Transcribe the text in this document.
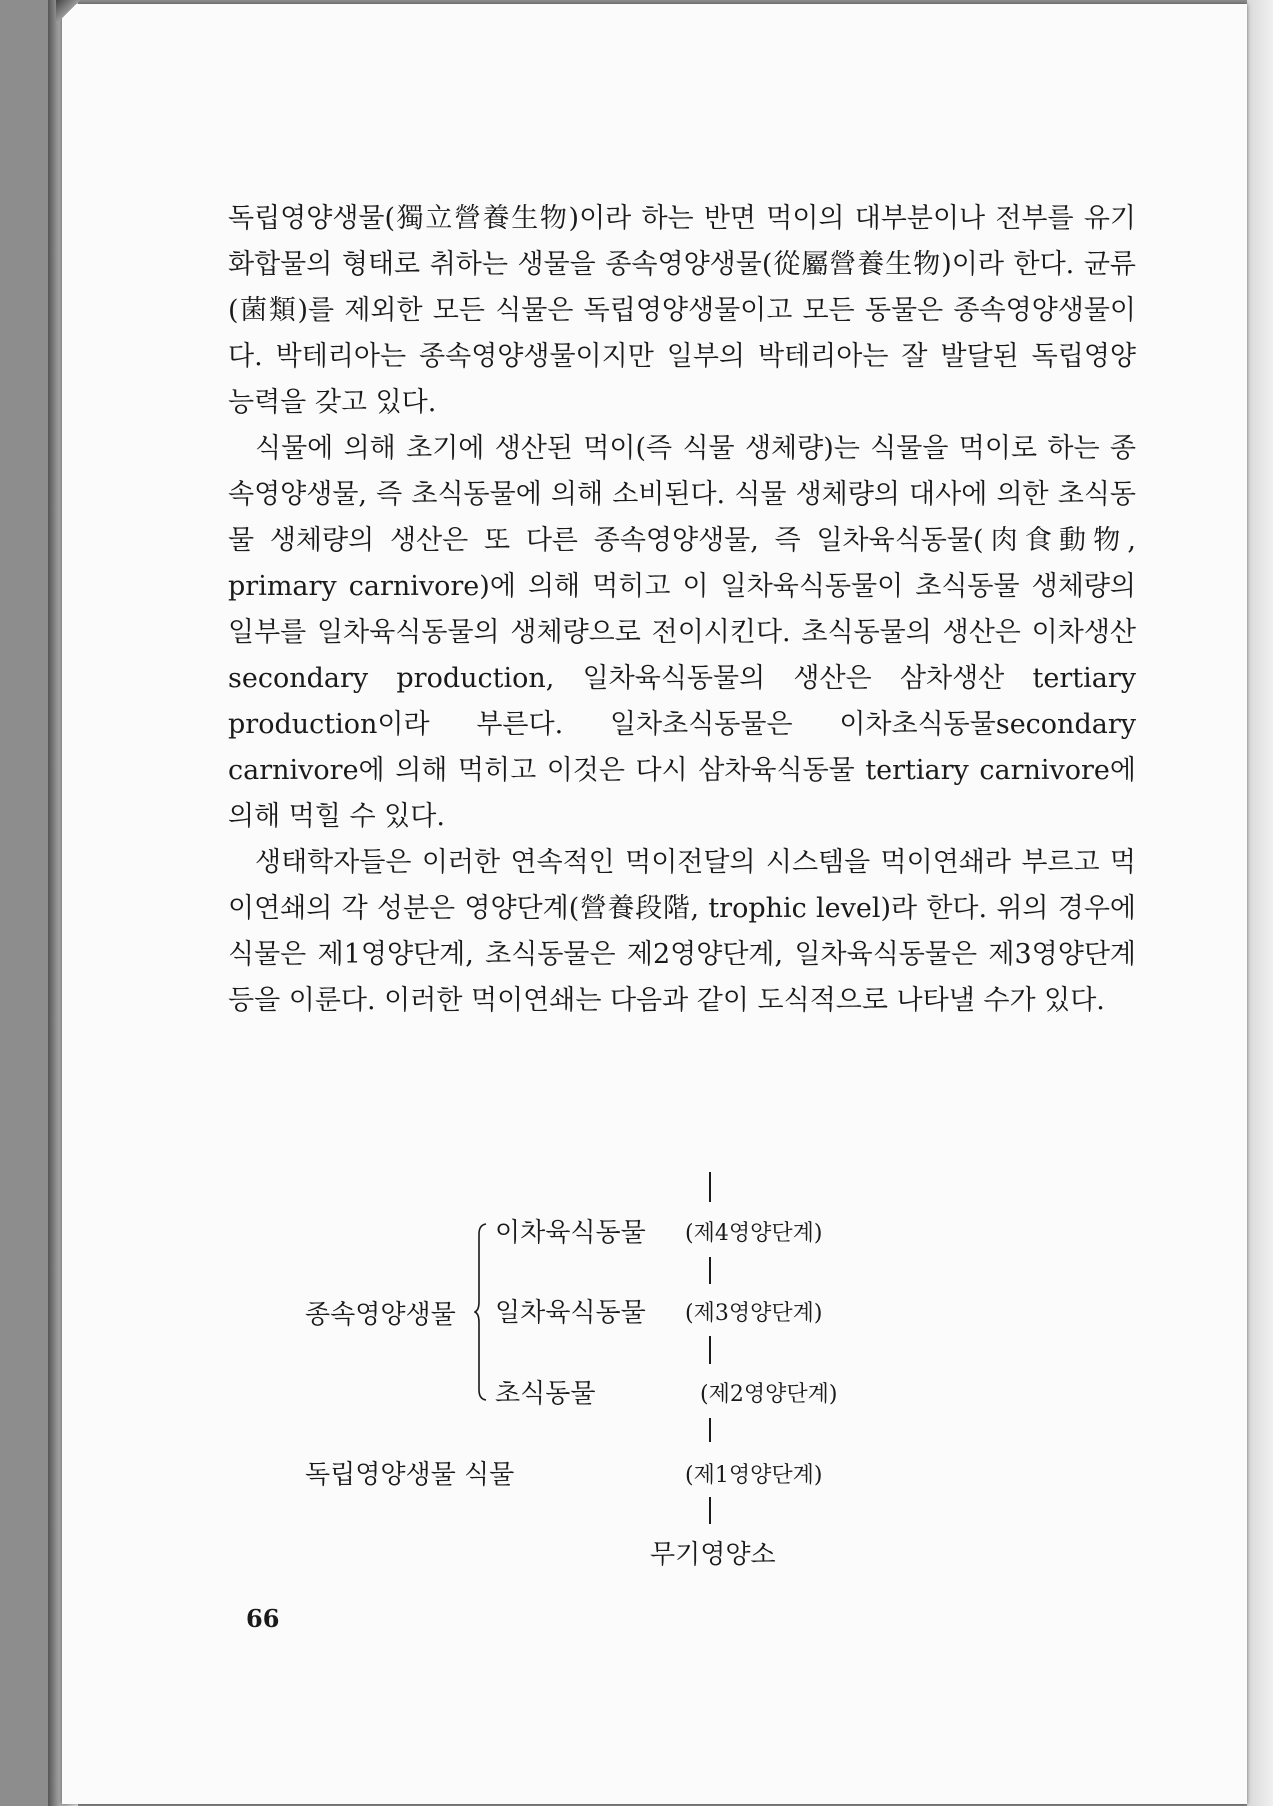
독립영양생물(獨立營養生物)이라 하는 반면 먹이의 대부분이나 전부를 유기화합물의 형태로 취하는 생물을 종속영양생물(從屬營養生物)이라 한다. 균류(菌類)를 제외한 모든 식물은 독립영양생물이고 모든 동물은 종속영양생물이다. 박테리아는 종속영양생물이지만 일부의 박테리아는 잘 발달된 독립영양 능력을 갖고 있다.

식물에 의해 초기에 생산된 먹이(즉 식물 생체량)는 식물을 먹이로 하는 종속영양생물, 즉 초식동물에 의해 소비된다. 식물 생체량의 대사에 의한 초식동물 생체량의 생산은 또 다른 종속영양생물, 즉 일차육식동물(肉食動物, primary carnivore)에 의해 먹히고 이 일차육식동물이 초식동물 생체량의 일부를 일차육식동물의 생체량으로 전이시킨다. 초식동물의 생산은 이차생산 secondary production, 일차육식동물의 생산은 삼차생산 tertiary production이라 부른다. 일차초식동물은 이차초식동물secondary carnivore에 의해 먹히고 이것은 다시 삼차육식동물 tertiary carnivore에 의해 먹힐 수 있다.

생태학자들은 이러한 연속적인 먹이전달의 시스템을 먹이연쇄라 부르고 먹이연쇄의 각 성분은 영양단계(營養段階, trophic level)라 한다. 위의 경우에 식물은 제1영양단계, 초식동물은 제2영양단계, 일차육식동물은 제3영양단계 등을 이룬다. 이러한 먹이연쇄는 다음과 같이 도식적으로 나타낼 수가 있다.

종속영양생물
이차육식동물 (제4영양단계)
일차육식동물 (제3영양단계)
초식동물	(제2영양단계)
독립영양생물 식물	(제1영양단계)
무기영양소
66
